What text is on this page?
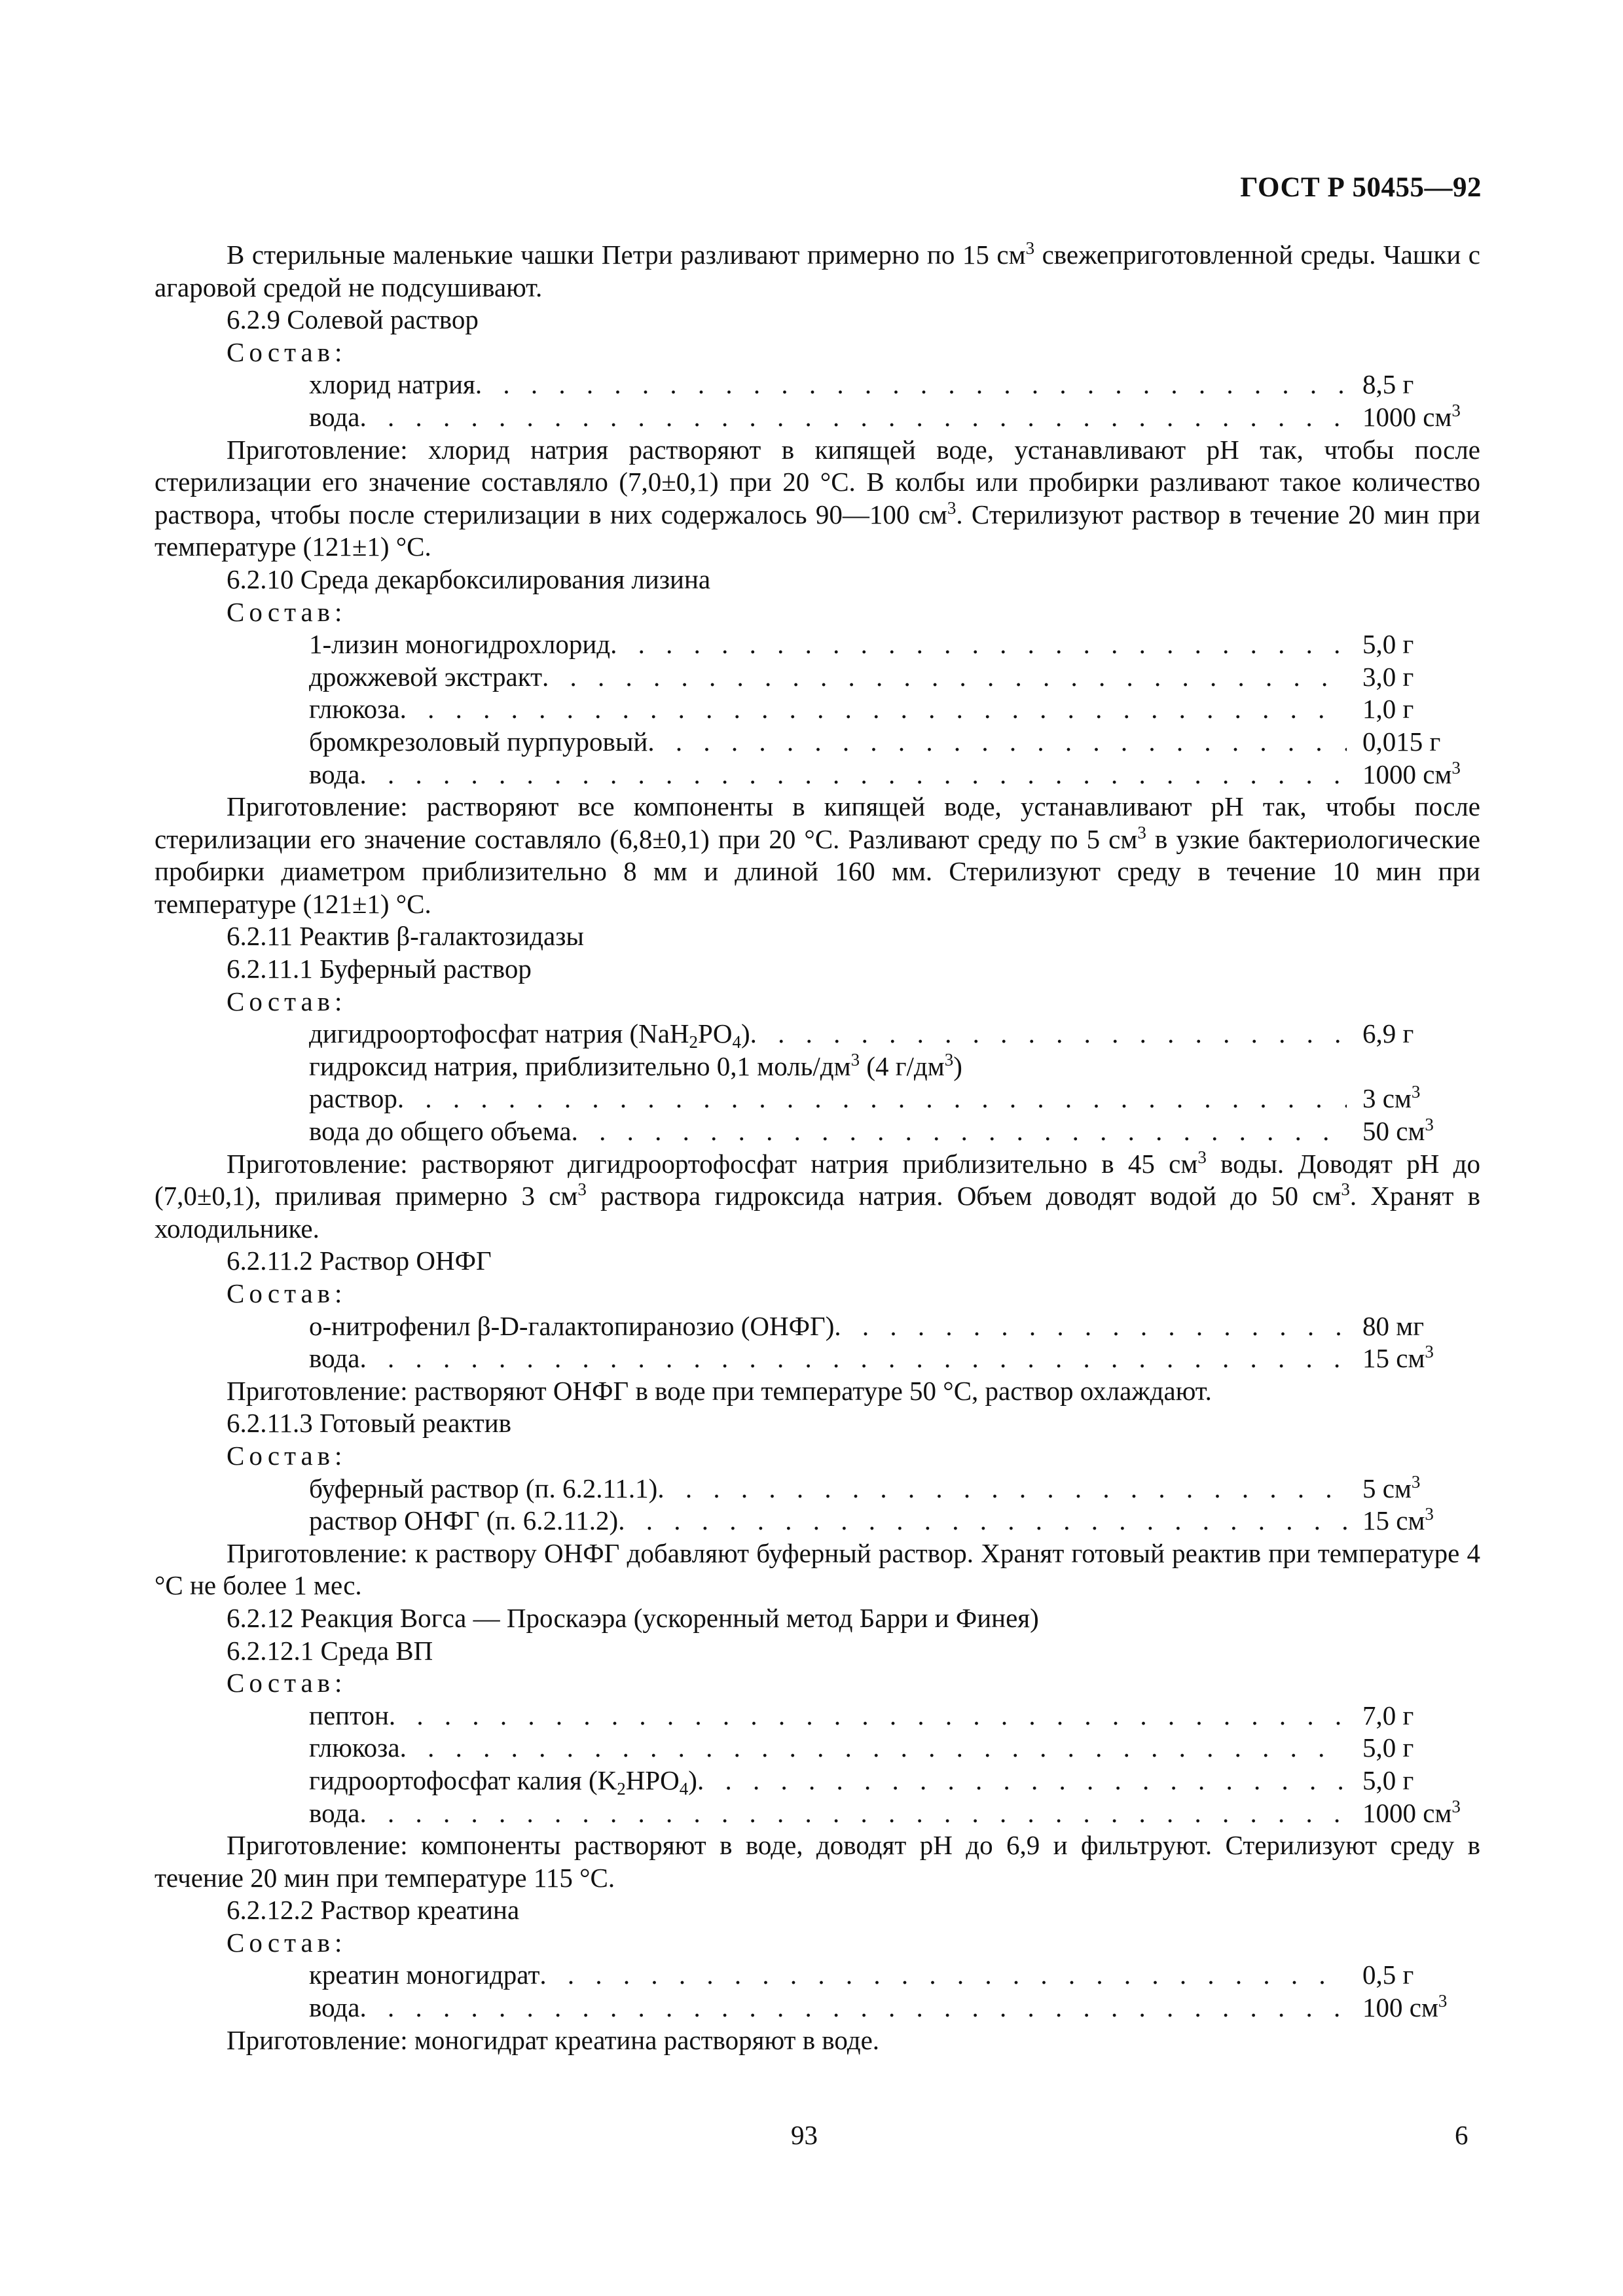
ГОСТ Р 50455—92

В стерильные маленькие чашки Петри разливают примерно по 15 $см^3$ свежеприготовленной среды. Чашки с агаровой средой не подсушивают.

6.2.9 Солевой раствор

Состав:

хлорид натрия . . .	8,5 г
вода . . .	1000 $см^3$

Приготовление: хлорид натрия растворяют в кипящей воде, устанавливают pH так, чтобы после стерилизации его значение составляло (7,0±0,1) при 20 °С. В колбы или пробирки разливают такое количество раствора, чтобы после стерилизации в них содержалось 90—100 $см^3$. Стерилизуют раствор в течение 20 мин при температуре (121±1) °С.

6.2.10 Среда декарбоксилирования лизина

Состав:

1-лизин моногидрохлорид . . .	5,0 г
дрожжевой экстракт . . .	3,0 г
глюкоза . . .	1,0 г
бромкрезоловый пурпуровый . . .	0,015 г
вода . . .	1000 $см^3$

Приготовление: растворяют все компоненты в кипящей воде, устанавливают pH так, чтобы после стерилизации его значение составляло (6,8±0,1) при 20 °С. Разливают среду по 5 $см^3$ в узкие бактериологические пробирки диаметром приблизительно 8 мм и длиной 160 мм. Стерилизуют среду в течение 10 мин при температуре (121±1) °С.

6.2.11 Реактив β-галактозидазы

6.2.11.1 Буферный раствор

Состав:

дигидроортофосфат натрия $(NaH_2PO_4)$ . . .	6,9 г

гидроксид натрия, приблизительно 0,1 моль/$дм^3$ (4 $г/дм^3$)

раствор . . .	3 $см^3$
вода до общего объема . . .	50 $см^3$

Приготовление: растворяют дигидроортофосфат натрия приблизительно в 45 $см^3$ воды. Доводят pH до (7,0±0,1), приливая примерно 3 $см^3$ раствора гидроксида натрия. Объем доводят водой до 50 $см^3$. Хранят в холодильнике.

6.2.11.2 Раствор ОНФГ

Состав:

о-нитрофенил β-D-галактопиранозио (ОНФГ) . . .	80 мг
вода . . .	15 $см^3$

Приготовление: растворяют ОНФГ в воде при температуре 50 °С, раствор охлаждают.

6.2.11.3 Готовый реактив

Состав:

буферный раствор (п. 6.2.11.1) . . .	5 $см^3$
раствор ОНФГ (п. 6.2.11.2) . . .	15 $см^3$

Приготовление: к раствору ОНФГ добавляют буферный раствор. Хранят готовый реактив при температуре 4 °С не более 1 мес.

6.2.12 Реакция Вогса — Проскаэра (ускоренный метод Барри и Финея)

6.2.12.1 Среда ВП

Состав:

пептон . . .	7,0 г
глюкоза . . .	5,0 г
гидроортофосфат калия $(K_2HPO_4)$ . . .	5,0 г
вода . . .	1000 $см^3$

Приготовление: компоненты растворяют в воде, доводят pH до 6,9 и фильтруют. Стерилизуют среду в течение 20 мин при температуре 115 °С.

6.2.12.2 Раствор креатина

Состав:

креатин моногидрат . . .	0,5 г
вода . . .	100 $см^3$

Приготовление: моногидрат креатина растворяют в воде.

93	6
